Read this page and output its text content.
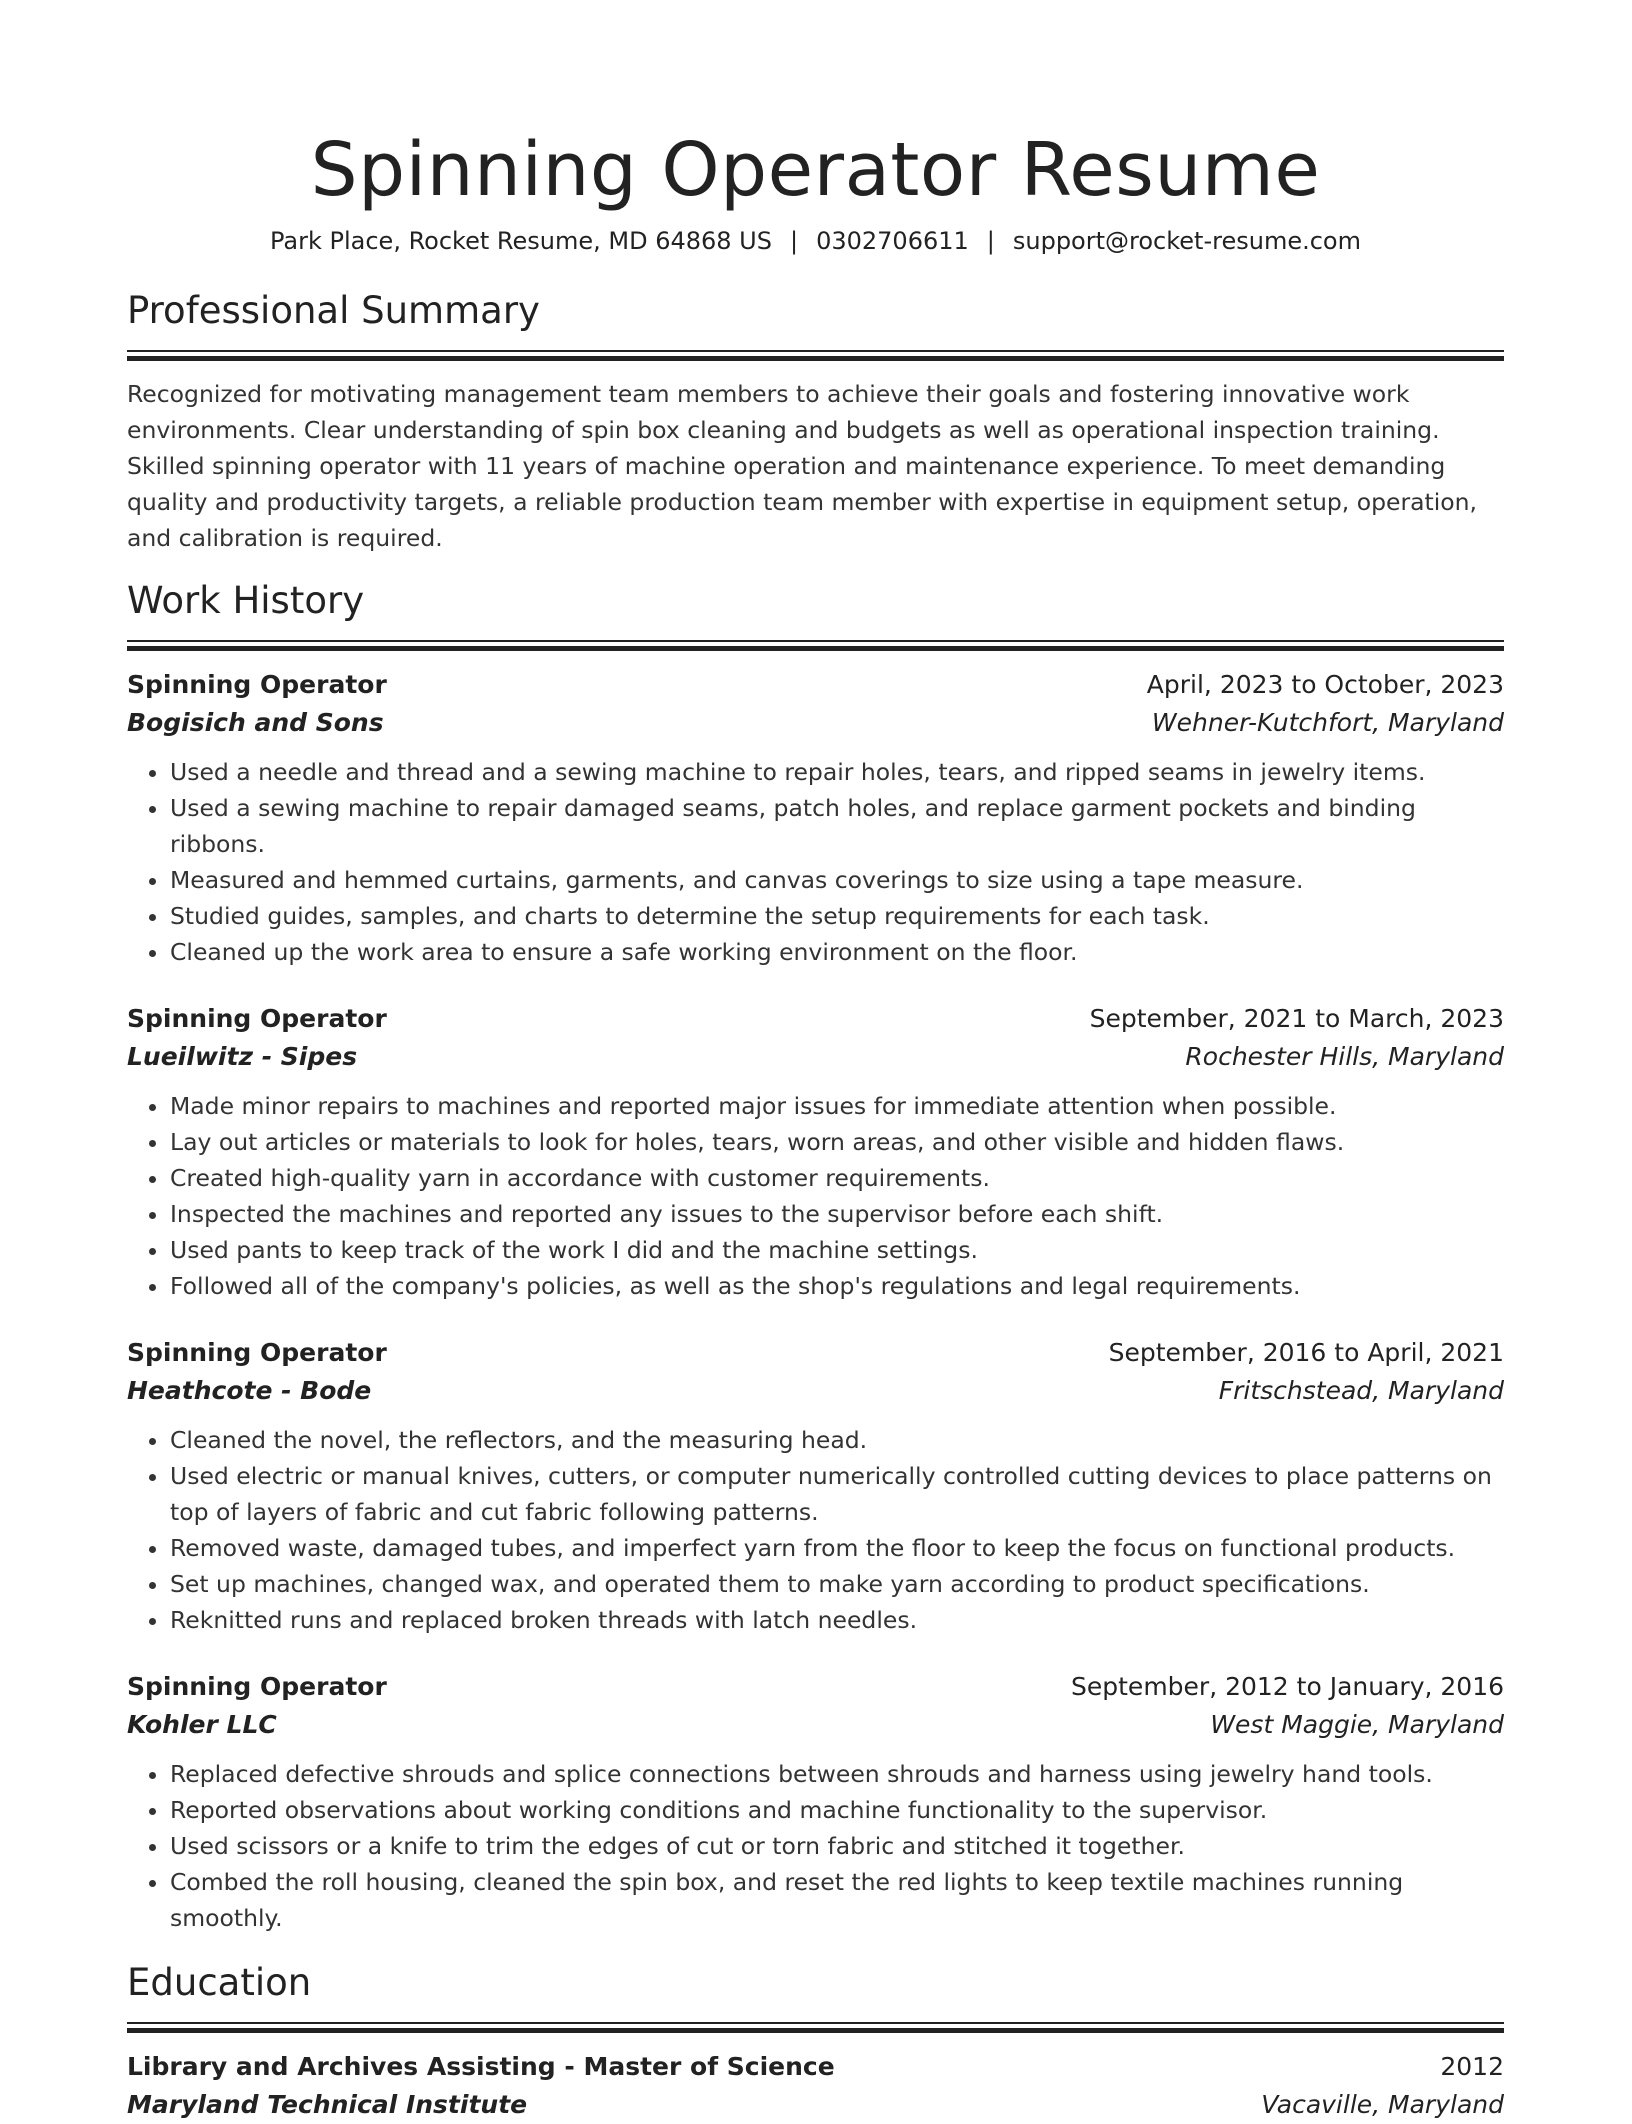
Spinning Operator Resume
Park Place, Rocket Resume, MD 64868 US | 0302706611 | support@rocket-resume.com
Professional Summary
Recognized for motivating management team members to achieve their goals and fostering innovative work environments. Clear understanding of spin box cleaning and budgets as well as operational inspection training. Skilled spinning operator with 11 years of machine operation and maintenance experience. To meet demanding quality and productivity targets, a reliable production team member with expertise in equipment setup, operation, and calibration is required.
Work History
Spinning Operator	April, 2023 to October, 2023
Bogisich and Sons	Wehner-Kutchfort, Maryland
• Used a needle and thread and a sewing machine to repair holes, tears, and ripped seams in jewelry items.
• Used a sewing machine to repair damaged seams, patch holes, and replace garment pockets and binding ribbons.
• Measured and hemmed curtains, garments, and canvas coverings to size using a tape measure.
• Studied guides, samples, and charts to determine the setup requirements for each task.
• Cleaned up the work area to ensure a safe working environment on the floor.
Spinning Operator	September, 2021 to March, 2023
Lueilwitz - Sipes	Rochester Hills, Maryland
• Made minor repairs to machines and reported major issues for immediate attention when possible.
• Lay out articles or materials to look for holes, tears, worn areas, and other visible and hidden flaws.
• Created high-quality yarn in accordance with customer requirements.
• Inspected the machines and reported any issues to the supervisor before each shift.
• Used pants to keep track of the work I did and the machine settings.
• Followed all of the company's policies, as well as the shop's regulations and legal requirements.
Spinning Operator	September, 2016 to April, 2021
Heathcote - Bode	Fritschstead, Maryland
• Cleaned the novel, the reflectors, and the measuring head.
• Used electric or manual knives, cutters, or computer numerically controlled cutting devices to place patterns on top of layers of fabric and cut fabric following patterns.
• Removed waste, damaged tubes, and imperfect yarn from the floor to keep the focus on functional products.
• Set up machines, changed wax, and operated them to make yarn according to product specifications.
• Reknitted runs and replaced broken threads with latch needles.
Spinning Operator	September, 2012 to January, 2016
Kohler LLC	West Maggie, Maryland
• Replaced defective shrouds and splice connections between shrouds and harness using jewelry hand tools.
• Reported observations about working conditions and machine functionality to the supervisor.
• Used scissors or a knife to trim the edges of cut or torn fabric and stitched it together.
• Combed the roll housing, cleaned the spin box, and reset the red lights to keep textile machines running smoothly.
Education
Library and Archives Assisting - Master of Science	2012
Maryland Technical Institute	Vacaville, Maryland
